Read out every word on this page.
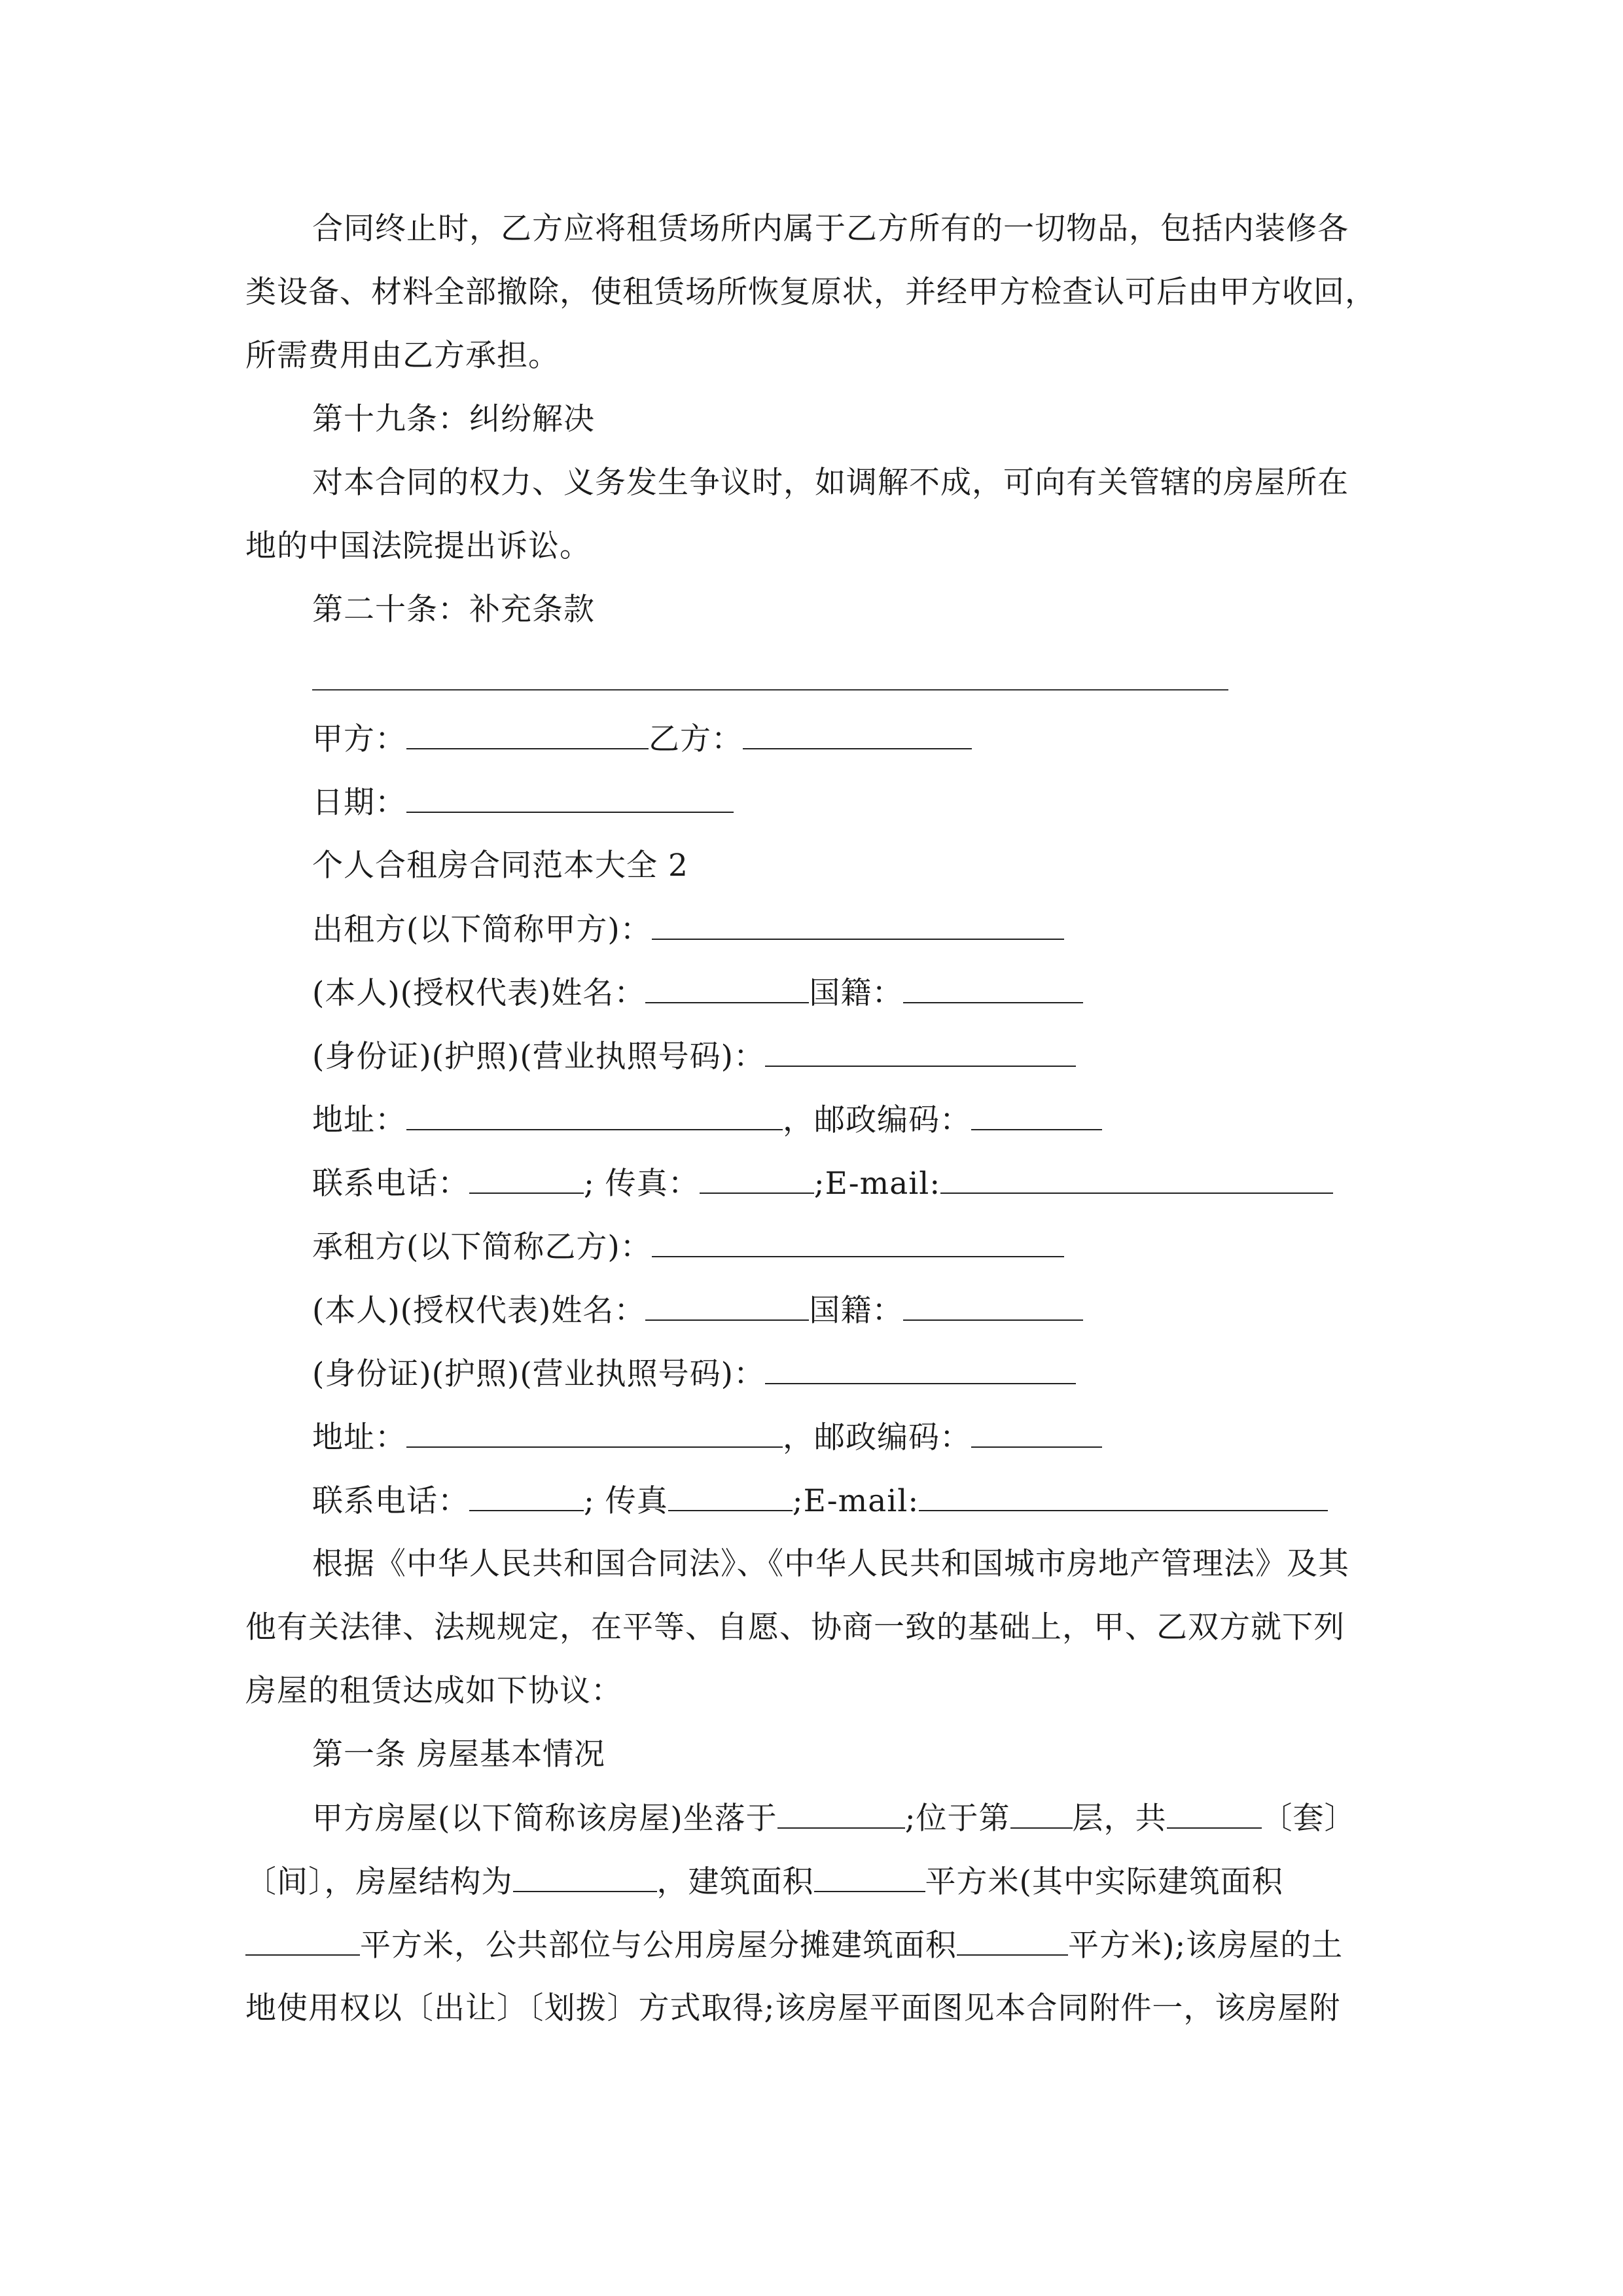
合同终止时，乙方应将租赁场所内属于乙方所有的一切物品，包括内装修各
类设备、材料全部撤除，使租赁场所恢复原状，并经甲方检查认可后由甲方收回，
所需费用由乙方承担。
第十九条：纠纷解决
对本合同的权力、义务发生争议时，如调解不成，可向有关管辖的房屋所在
地的中国法院提出诉讼。
第二十条：补充条款
甲方：	乙方：
日期：
个人合租房合同范本大全 2
出租方(以下简称甲方)：
(本人)(授权代表)姓名：	国籍：
(身份证)(护照)(营业执照号码)：
地址：	，邮政编码：
联系电话：	; 传真：	;E-mail:
承租方(以下简称乙方)：
(本人)(授权代表)姓名：	国籍：
(身份证)(护照)(营业执照号码)：
地址：	，邮政编码：
联系电话：	; 传真	;E-mail:
根据《中华人民共和国合同法》、《中华人民共和国城市房地产管理法》及其
他有关法律、法规规定，在平等、自愿、协商一致的基础上，甲、乙双方就下列
房屋的租赁达成如下协议：
第一条 房屋基本情况
甲方房屋(以下简称该房屋)坐落于	;位于第 层，共	〔套〕
〔间〕，房屋结构为	，建筑面积	平方米(其中实际建筑面积
平方米，公共部位与公用房屋分摊建筑面积	平方米);该房屋的土
地使用权以〔出让〕〔划拨〕方式取得;该房屋平面图见本合同附件一，该房屋附
